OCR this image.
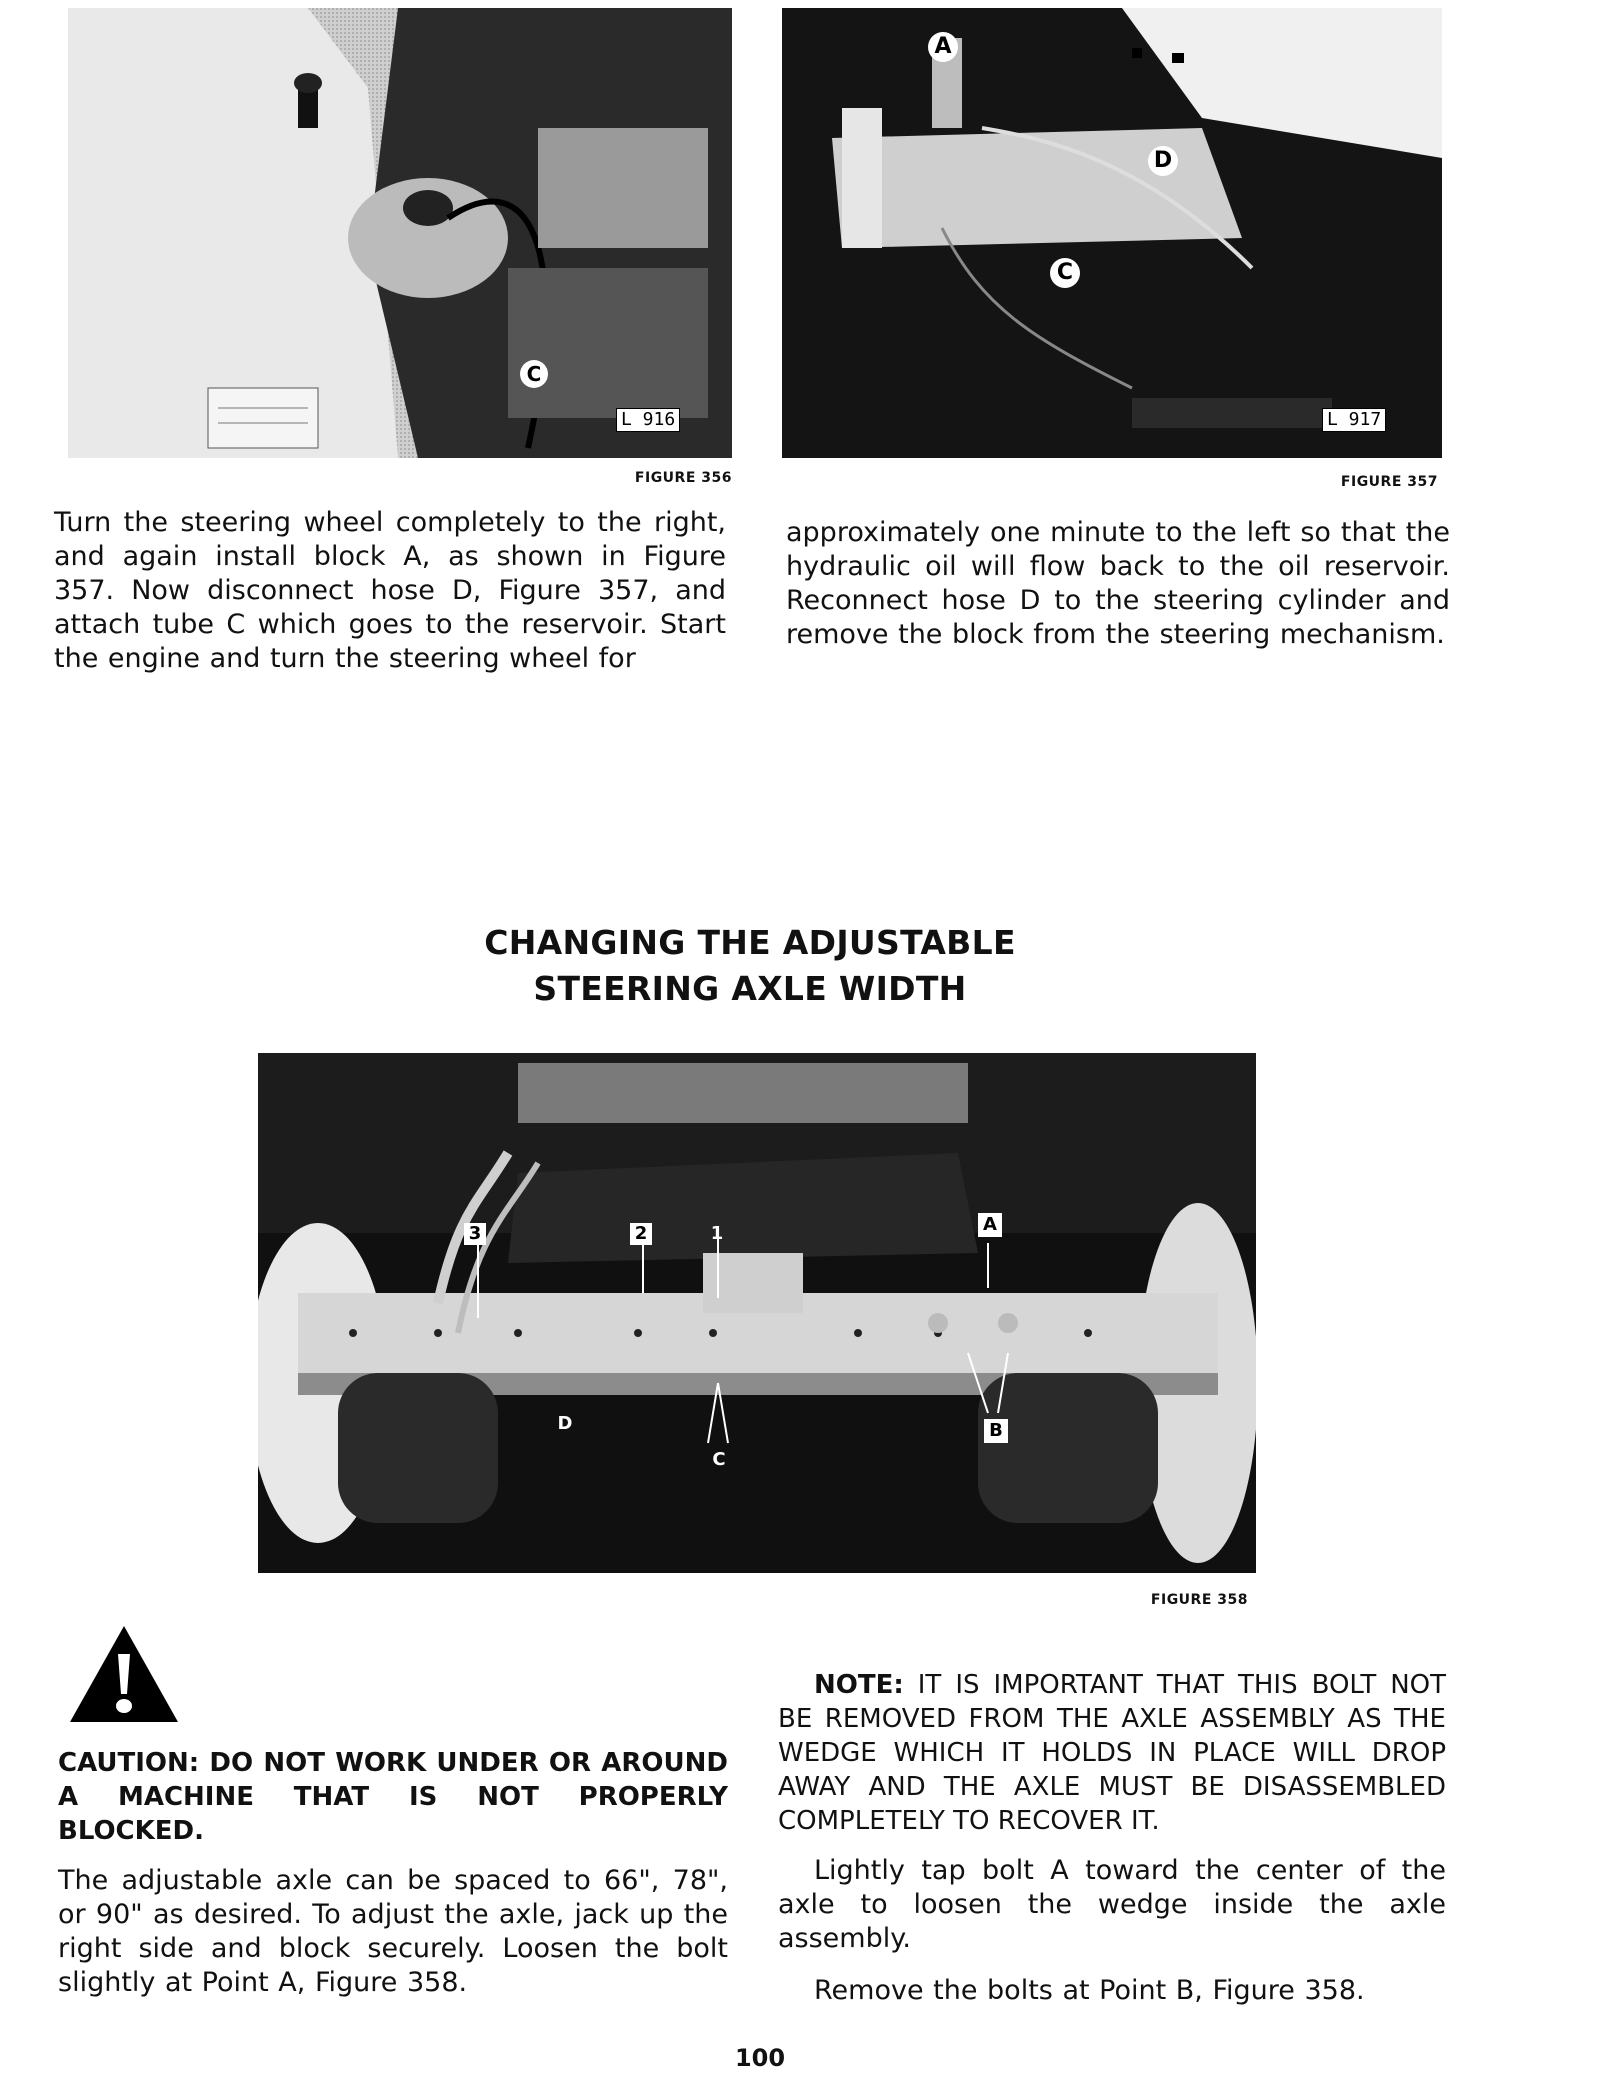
C
L 916
FIGURE 356
A
D
C
L 917
FIGURE 357
Turn the steering wheel completely to the right, and again install block A, as shown in Figure 357. Now disconnect hose D, Figure 357, and attach tube C which goes to the reservoir. Start the engine and turn the steering wheel for
approximately one minute to the left so that the hydraulic oil will flow back to the oil reservoir. Reconnect hose D to the steering cylinder and remove the block from the steering mechanism.
CHANGING THE ADJUSTABLE
STEERING AXLE WIDTH
3	2	1	A
D
C
B
FIGURE 358
CAUTION: DO NOT WORK UNDER OR AROUND A MACHINE THAT IS NOT PROPERLY BLOCKED.
The adjustable axle can be spaced to 66", 78", or 90" as desired. To adjust the axle, jack up the right side and block securely. Loosen the bolt slightly at Point A, Figure 358.
NOTE: IT IS IMPORTANT THAT THIS BOLT NOT BE REMOVED FROM THE AXLE ASSEMBLY AS THE WEDGE WHICH IT HOLDS IN PLACE WILL DROP AWAY AND THE AXLE MUST BE DISASSEMBLED COMPLETELY TO RECOVER IT.
Lightly tap bolt A toward the center of the axle to loosen the wedge inside the axle assembly.
Remove the bolts at Point B, Figure 358.
100
